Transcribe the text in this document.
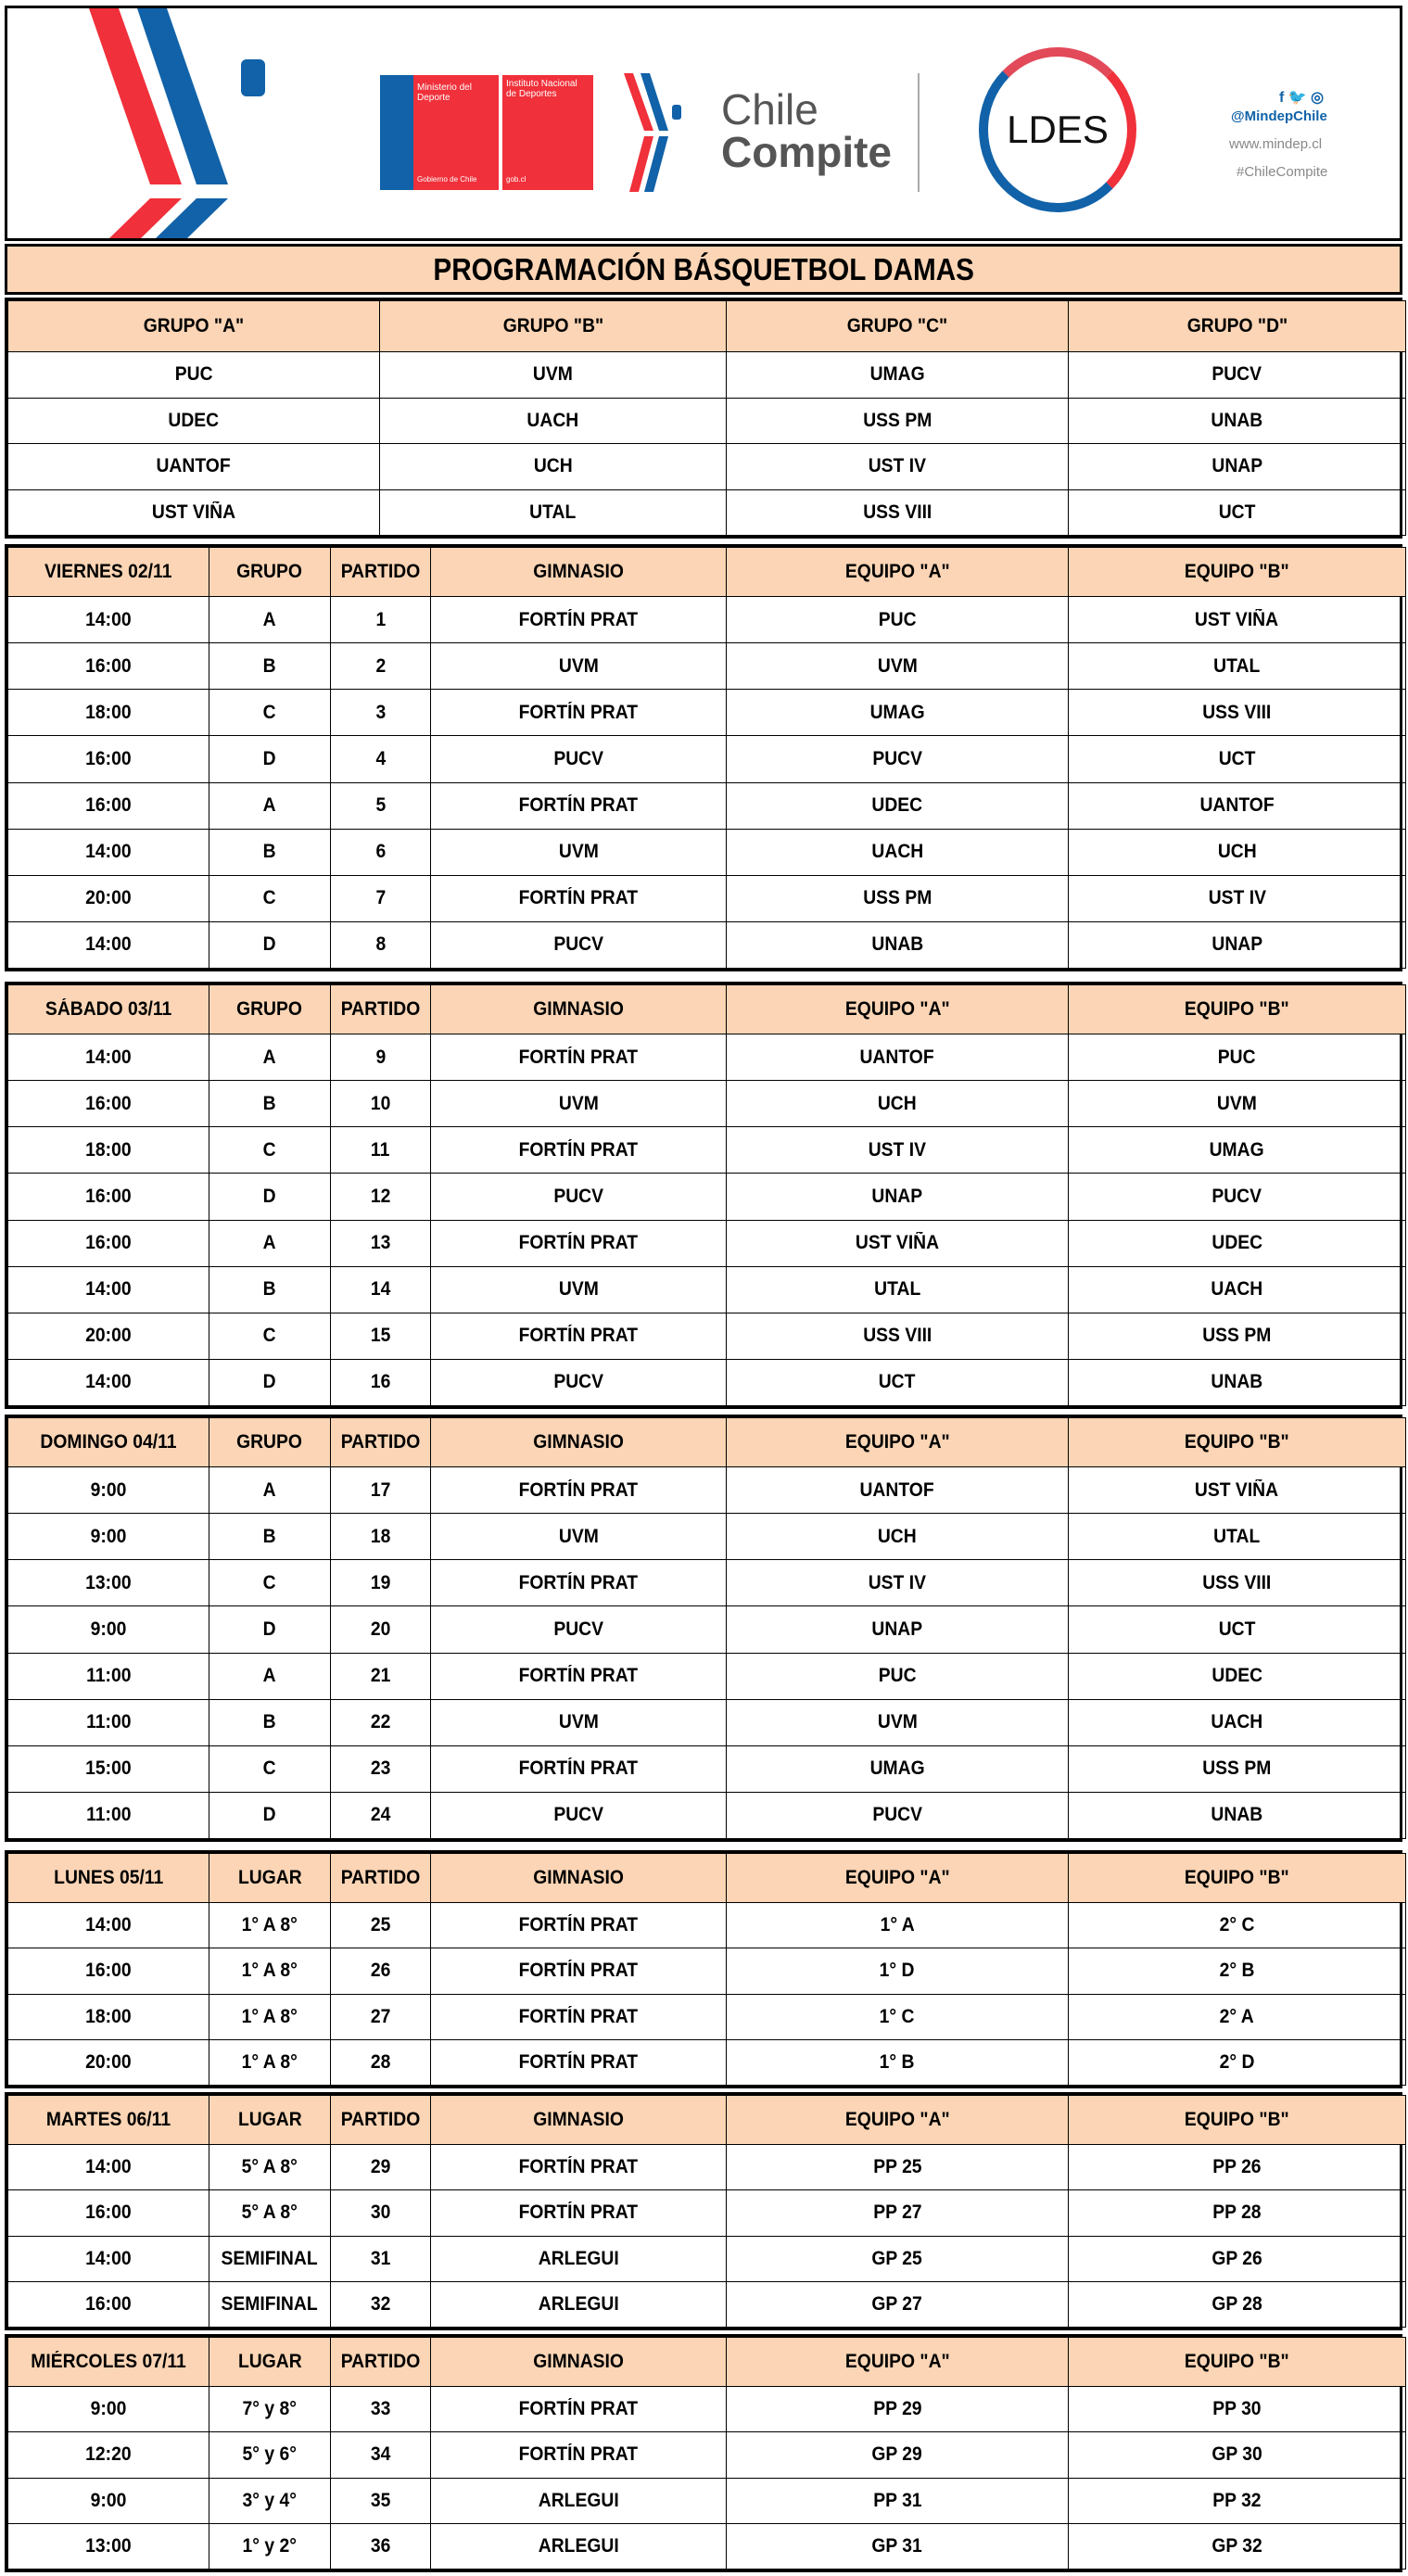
Ministerio del Deporte
Instituto Nacional de Deportes
Gobierno de Chile	gob.cl
Chile
Compite	LDES
f 🐦 ◎
@MindepChile
www.mindep.cl
#ChileCompite
PROGRAMACIÓN BÁSQUETBOL DAMAS
GRUPO "A"	GRUPO "B"	GRUPO "C"	GRUPO "D"
PUC	UVM	UMAG	PUCV
UDEC	UACH	USS PM	UNAB
UANTOF	UCH	UST IV	UNAP
UST VIÑA	UTAL	USS VIII	UCT
VIERNES 02/11	GRUPO	PARTIDO	GIMNASIO	EQUIPO "A"	EQUIPO "B"
14:00	A	1	FORTÍN PRAT	PUC	UST VIÑA
16:00	B	2	UVM	UVM	UTAL
18:00	C	3	FORTÍN PRAT	UMAG	USS VIII
16:00	D	4	PUCV	PUCV	UCT
16:00	A	5	FORTÍN PRAT	UDEC	UANTOF
14:00	B	6	UVM	UACH	UCH
20:00	C	7	FORTÍN PRAT	USS PM	UST IV
14:00	D	8	PUCV	UNAB	UNAP
SÁBADO 03/11	GRUPO	PARTIDO	GIMNASIO	EQUIPO "A"	EQUIPO "B"
14:00	A	9	FORTÍN PRAT	UANTOF	PUC
16:00	B	10	UVM	UCH	UVM
18:00	C	11	FORTÍN PRAT	UST IV	UMAG
16:00	D	12	PUCV	UNAP	PUCV
16:00	A	13	FORTÍN PRAT	UST VIÑA	UDEC
14:00	B	14	UVM	UTAL	UACH
20:00	C	15	FORTÍN PRAT	USS VIII	USS PM
14:00	D	16	PUCV	UCT	UNAB
DOMINGO 04/11	GRUPO	PARTIDO	GIMNASIO	EQUIPO "A"	EQUIPO "B"
9:00	A	17	FORTÍN PRAT	UANTOF	UST VIÑA
9:00	B	18	UVM	UCH	UTAL
13:00	C	19	FORTÍN PRAT	UST IV	USS VIII
9:00	D	20	PUCV	UNAP	UCT
11:00	A	21	FORTÍN PRAT	PUC	UDEC
11:00	B	22	UVM	UVM	UACH
15:00	C	23	FORTÍN PRAT	UMAG	USS PM
11:00	D	24	PUCV	PUCV	UNAB
LUNES 05/11	LUGAR	PARTIDO	GIMNASIO	EQUIPO "A"	EQUIPO "B"
14:00	1° A 8°	25	FORTÍN PRAT	1° A	2° C
16:00	1° A 8°	26	FORTÍN PRAT	1° D	2° B
18:00	1° A 8°	27	FORTÍN PRAT	1° C	2° A
20:00	1° A 8°	28	FORTÍN PRAT	1° B	2° D
MARTES 06/11	LUGAR	PARTIDO	GIMNASIO	EQUIPO "A"	EQUIPO "B"
14:00	5° A 8°	29	FORTÍN PRAT	PP 25	PP 26
16:00	5° A 8°	30	FORTÍN PRAT	PP 27	PP 28
14:00	SEMIFINAL	31	ARLEGUI	GP 25	GP 26
16:00	SEMIFINAL	32	ARLEGUI	GP 27	GP 28
MIÉRCOLES 07/11	LUGAR	PARTIDO	GIMNASIO	EQUIPO "A"	EQUIPO "B"
9:00	7° y 8°	33	FORTÍN PRAT	PP 29	PP 30
12:20	5° y 6°	34	FORTÍN PRAT	GP 29	GP 30
9:00	3° y 4°	35	ARLEGUI	PP 31	PP 32
13:00	1° y 2°	36	ARLEGUI	GP 31	GP 32
